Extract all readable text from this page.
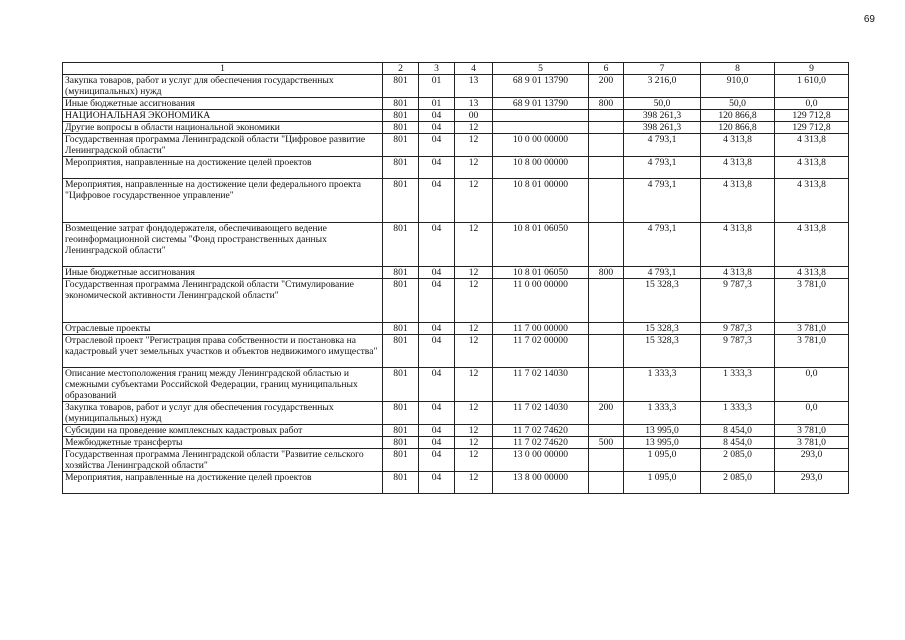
69
1	2	3	4	5	6	7	8	9
Закупка товаров, работ и услуг для обеспечения государственных (муниципальных) нужд	801	01	13	68 9 01 13790	200	3 216,0	910,0	1 610,0
Иные бюджетные ассигнования	801	01	13	68 9 01 13790	800	50,0	50,0	0,0
НАЦИОНАЛЬНАЯ ЭКОНОМИКА	801	04	00			398 261,3	120 866,8	129 712,8
Другие вопросы в области национальной экономики	801	04	12			398 261,3	120 866,8	129 712,8
Государственная программа Ленинградской области "Цифровое развитие Ленинградской области"	801	04	12	10 0 00 00000		4 793,1	4 313,8	4 313,8
Мероприятия, направленные на достижение целей проектов	801	04	12	10 8 00 00000		4 793,1	4 313,8	4 313,8
Мероприятия, направленные на достижение цели федерального проекта "Цифровое государственное управление"	801	04	12	10 8 01 00000		4 793,1	4 313,8	4 313,8
Возмещение затрат фондодержателя, обеспечивающего ведение геоинформационной системы "Фонд пространственных данных Ленинградской области"	801	04	12	10 8 01 06050		4 793,1	4 313,8	4 313,8
Иные бюджетные ассигнования	801	04	12	10 8 01 06050	800	4 793,1	4 313,8	4 313,8
Государственная программа Ленинградской области "Стимулирование экономической активности Ленинградской области"	801	04	12	11 0 00 00000		15 328,3	9 787,3	3 781,0
Отраслевые проекты	801	04	12	11 7 00 00000		15 328,3	9 787,3	3 781,0
Отраслевой проект "Регистрация права собственности и постановка на кадастровый учет земельных участков и объектов недвижимого имущества"	801	04	12	11 7 02 00000		15 328,3	9 787,3	3 781,0
Описание местоположения границ между Ленинградской областью и смежными субъектами Российской Федерации, границ муниципальных образований	801	04	12	11 7 02 14030		1 333,3	1 333,3	0,0
Закупка товаров, работ и услуг для обеспечения государственных (муниципальных) нужд	801	04	12	11 7 02 14030	200	1 333,3	1 333,3	0,0
Субсидии на проведение комплексных кадастровых работ	801	04	12	11 7 02 74620		13 995,0	8 454,0	3 781,0
Межбюджетные трансферты	801	04	12	11 7 02 74620	500	13 995,0	8 454,0	3 781,0
Государственная программа Ленинградской области "Развитие сельского хозяйства Ленинградской области"	801	04	12	13 0 00 00000		1 095,0	2 085,0	293,0
Мероприятия, направленные на достижение целей проектов	801	04	12	13 8 00 00000		1 095,0	2 085,0	293,0
